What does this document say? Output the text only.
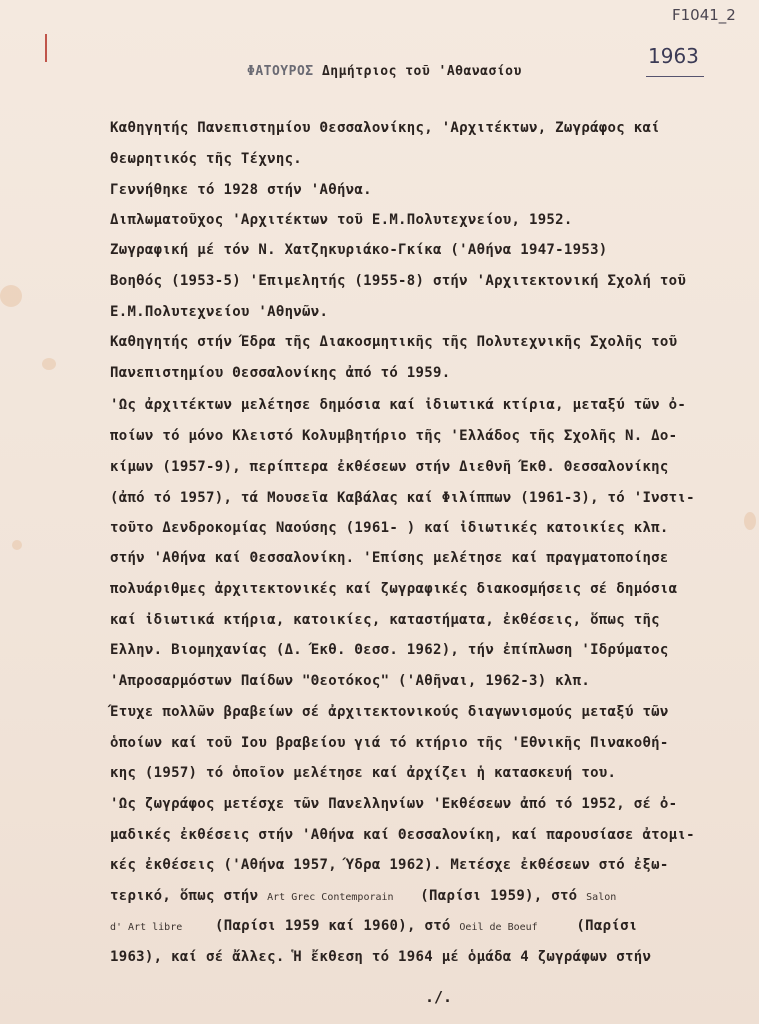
F1041_2
1963
ΦΑΤΟΥΡΟΣ Δημήτριος τοῦ 'Αθανασίου
Καθηγητής Πανεπιστημίου Θεσσαλονίκης, 'Αρχιτέκτων, Ζωγράφος καί
θεωρητικός τῆς Τέχνης.
Γεννήθηκε τό 1928 στήν 'Αθήνα.
Διπλωματοῦχος 'Αρχιτέκτων τοῦ Ε.Μ.Πολυτεχνείου, 1952.
Ζωγραφική μέ τόν Ν. Χατζηκυριάκο-Γκίκα ('Αθήνα 1947-1953)
Βοηθός (1953-5) 'Επιμελητής (1955-8) στήν 'Αρχιτεκτονική Σχολή τοῦ
Ε.Μ.Πολυτεχνείου 'Αθηνῶν.
Καθηγητής στήν Έδρα τῆς Διακοσμητικῆς τῆς Πολυτεχνικῆς Σχολῆς τοῦ
Πανεπιστημίου Θεσσαλονίκης ἀπό τό 1959.
'Ως ἀρχιτέκτων μελέτησε δημόσια καί ἰδιωτικά κτίρια, μεταξύ τῶν ὀ-
ποίων τό μόνο Κλειστό Κολυμβητήριο τῆς 'Ελλάδος τῆς Σχολῆς Ν. Δο-
κίμων (1957-9), περίπτερα ἐκθέσεων στήν Διεθνῆ Έκθ. Θεσσαλονίκης
(ἀπό τό 1957), τά Μουσεῖα Καβάλας καί Φιλίππων (1961-3), τό 'Ινστι-
τοῦτο Δενδροκομίας Ναούσης (1961- ) καί ἰδιωτικές κατοικίες κλπ.
στήν 'Αθήνα καί Θεσσαλονίκη. 'Επίσης μελέτησε καί πραγματοποίησε
πολυάριθμες ἀρχιτεκτονικές καί ζωγραφικές διακοσμήσεις σέ δημόσια
καί ἰδιωτικά κτήρια, κατοικίες, καταστήματα, ἐκθέσεις, ὅπως τῆς
Ελλην. Βιομηχανίας (Δ. Έκθ. Θεσσ. 1962), τήν ἐπίπλωση 'Ιδρύματος
'Απροσαρμόστων Παίδων "Θεοτόκος" ('Αθῆναι, 1962-3) κλπ.
Έτυχε πολλῶν βραβείων σέ ἀρχιτεκτονικούς διαγωνισμούς μεταξύ τῶν
ὁποίων καί τοῦ Ιου βραβείου γιά τό κτήριο τῆς 'Εθνικῆς Πινακοθή-
κης (1957) τό ὁποῖον μελέτησε καί ἀρχίζει ἡ κατασκευή του.
'Ως ζωγράφος μετέσχε τῶν Πανελληνίων 'Εκθέσεων ἀπό τό 1952, σέ ὀ-
μαδικές ἐκθέσεις στήν 'Αθήνα καί Θεσσαλονίκη, καί παρουσίασε ἀτομι-
κές ἐκθέσεις ('Αθήνα 1957, Ύδρα 1962). Μετέσχε ἐκθέσεων στό ἐξω-
τερικό, ὅπως στήν Art Grec Contemporain (Παρίσι 1959), στό Salon
d' Art libre (Παρίσι 1959 καί 1960), στό Oeil de Boeuf	(Παρίσι
1963), καί σέ ἄλλες. Ἡ ἔκθεση τό 1964 μέ ὁμάδα 4 ζωγράφων στήν
./.
